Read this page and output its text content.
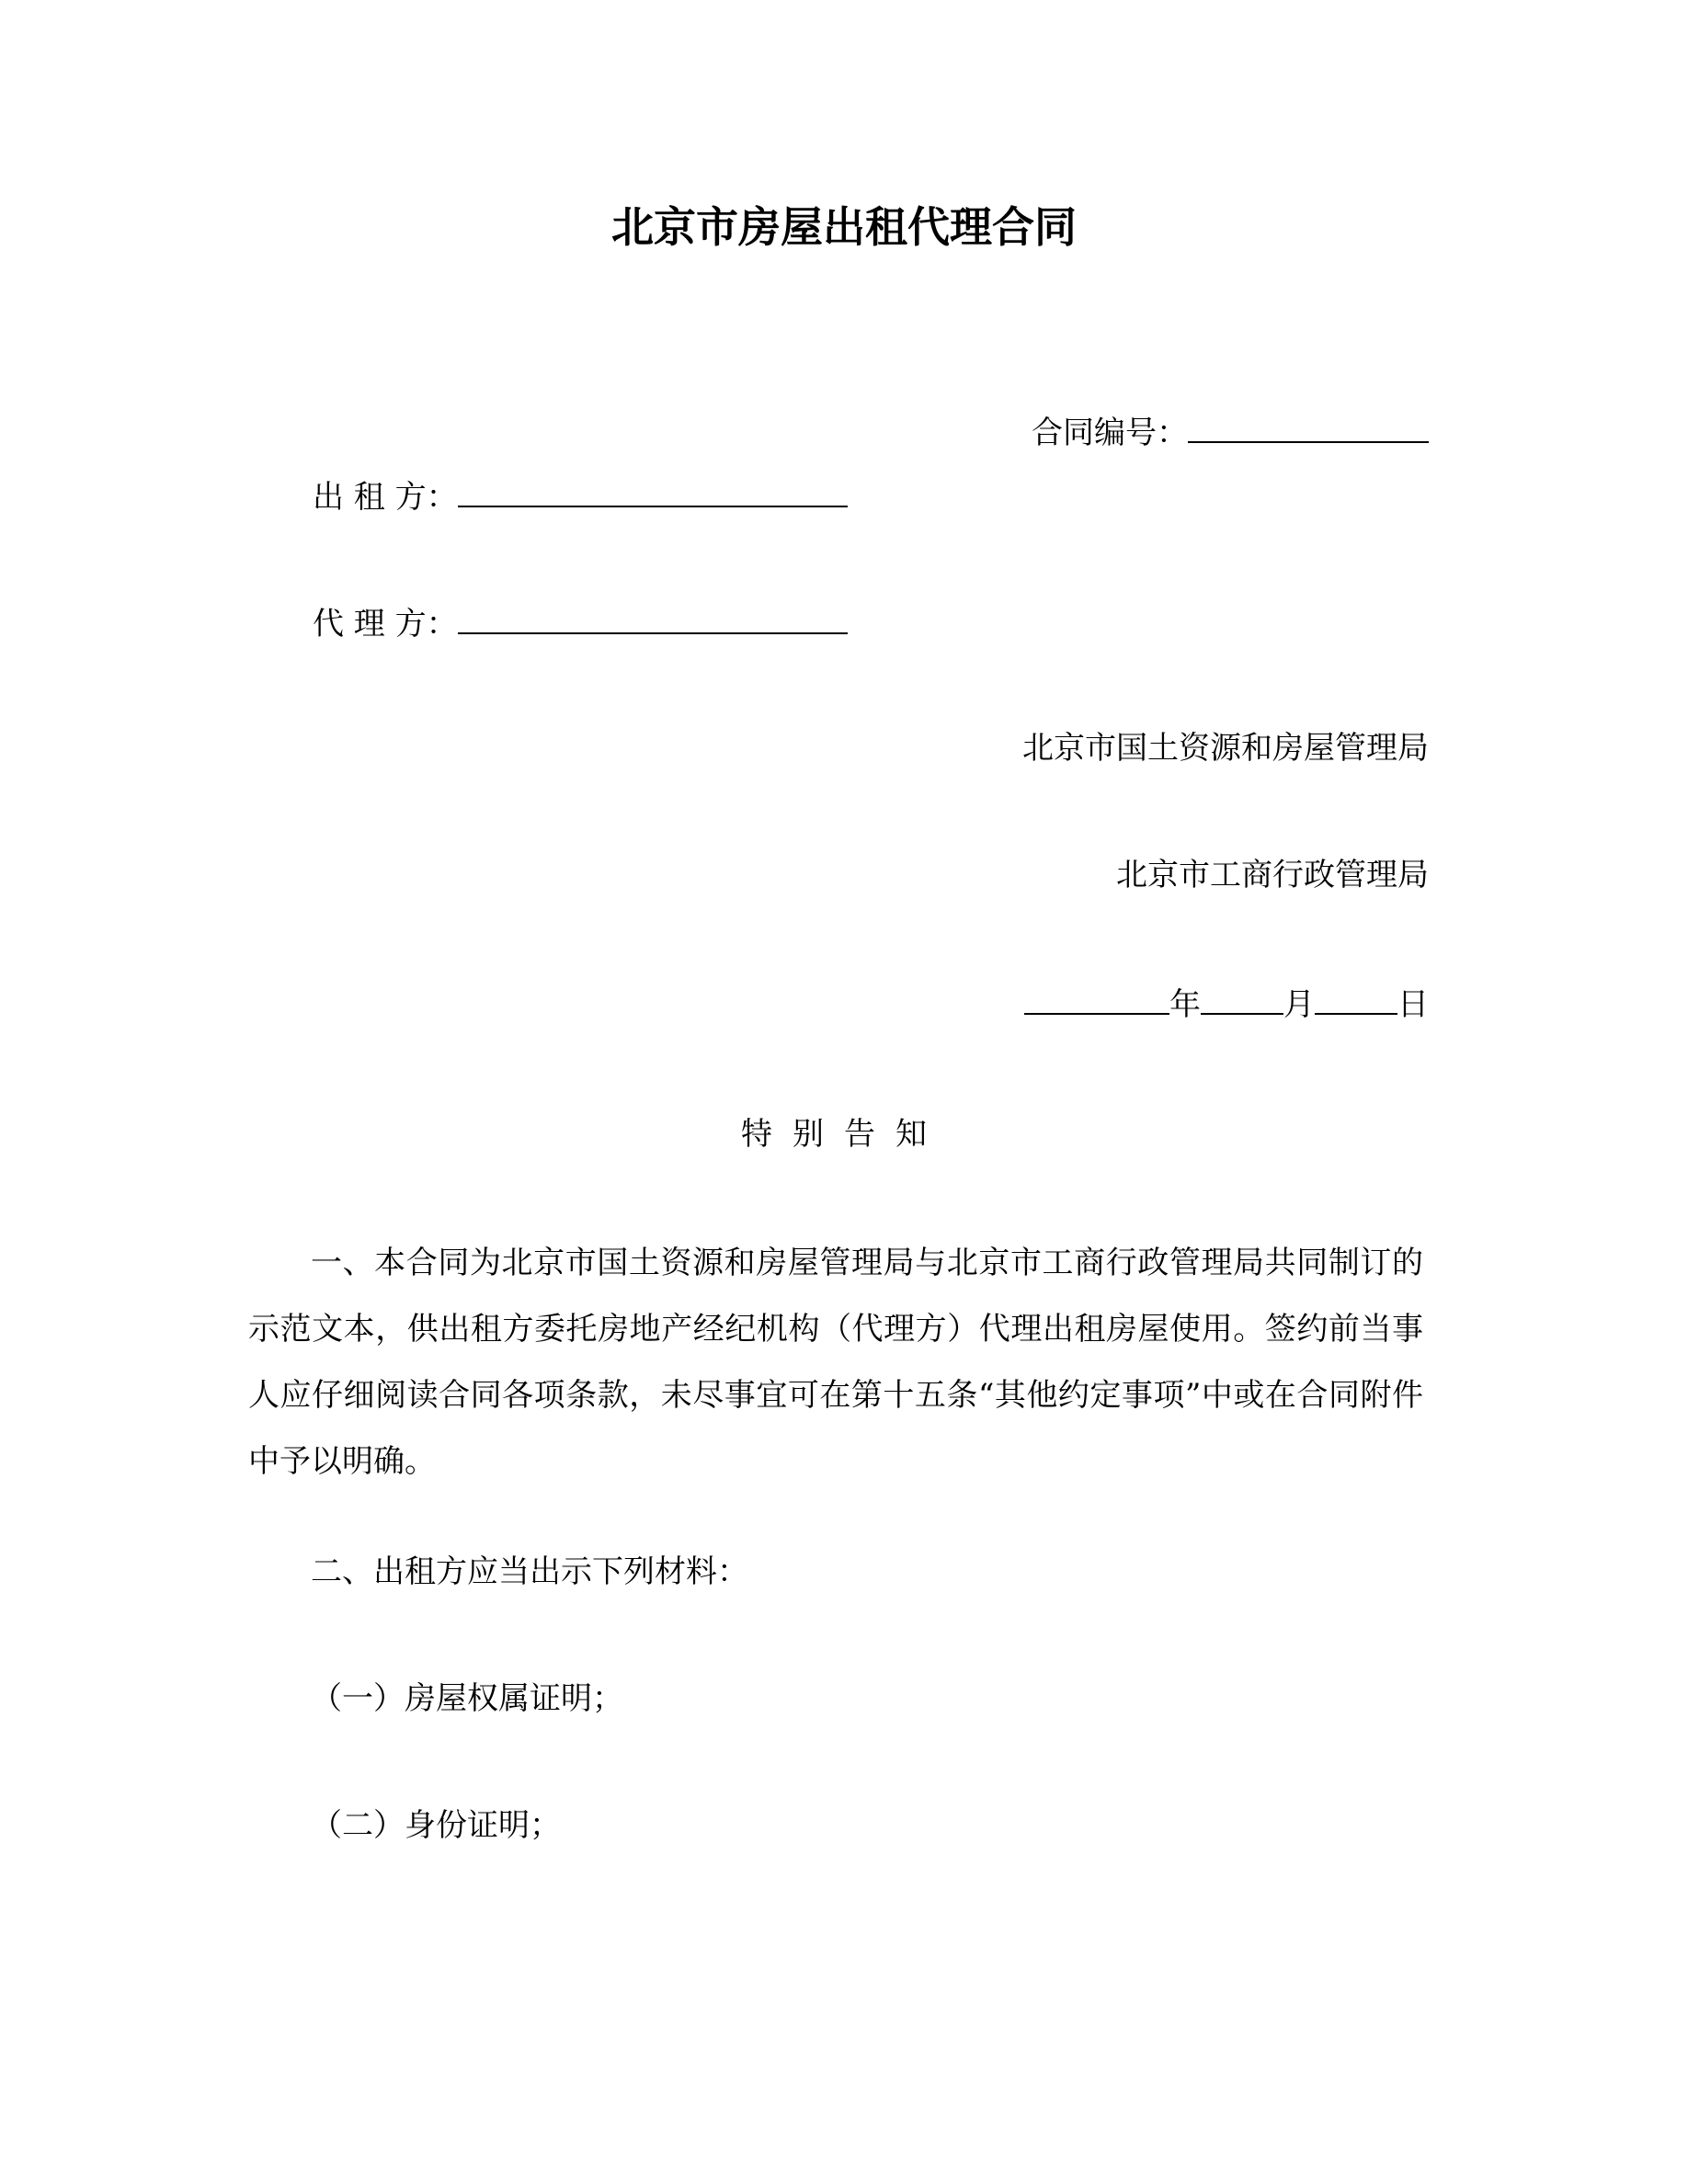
北京市房屋出租代理合同
合同编号：
出 租 方：
代 理 方：
北京市国土资源和房屋管理局
北京市工商行政管理局
年	月	日
特别告知
一、本合同为北京市国土资源和房屋管理局与北京市工商行政管理局共同制订的示范文本，供出租方委托房地产经纪机构（代理方）代理出租房屋使用。签约前当事人应仔细阅读合同各项条款，未尽事宜可在第十五条“其他约定事项”中或在合同附件中予以明确。
二、出租方应当出示下列材料：
（一）房屋权属证明；
（二）身份证明；
